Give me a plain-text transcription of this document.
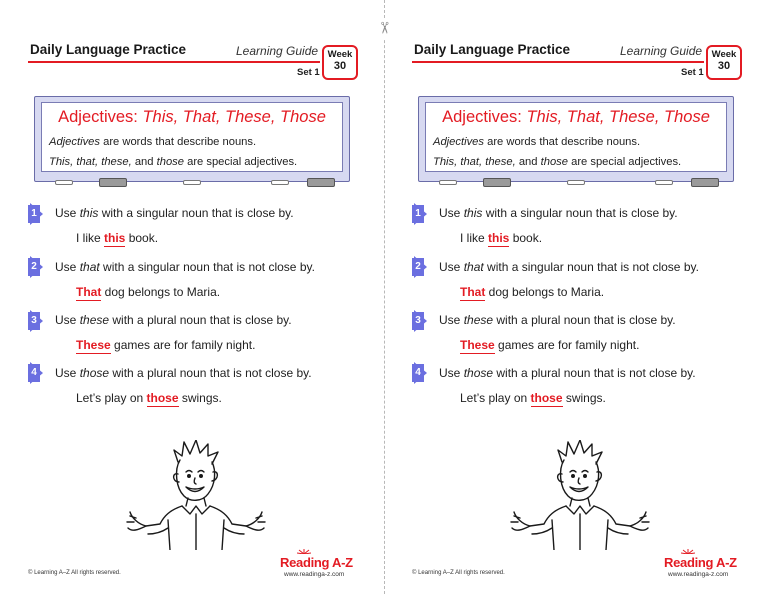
✂
Daily Language Practice	Learning Guide
Set 1
Week
30
Adjectives: This, That, These, Those
Adjectives are words that describe nouns.
This, that, these, and those are special adjectives.
1 Use this with a singular noun that is close by.
I like this book.
2 Use that with a singular noun that is not close by.
That dog belongs to Maria.
3 Use these with a plural noun that is close by.
These games are for family night.
4 Use those with a plural noun that is not close by.
Let’s play on those swings.
© Learning A–Z All rights reserved.
Reading A-Z
www.readinga-z.com
Daily Language Practice	Learning Guide
Set 1
Week
30
Adjectives: This, That, These, Those
Adjectives are words that describe nouns.
This, that, these, and those are special adjectives.
1 Use this with a singular noun that is close by.
I like this book.
2 Use that with a singular noun that is not close by.
That dog belongs to Maria.
3 Use these with a plural noun that is close by.
These games are for family night.
4 Use those with a plural noun that is not close by.
Let’s play on those swings.
© Learning A–Z All rights reserved.
Reading A-Z
www.readinga-z.com
